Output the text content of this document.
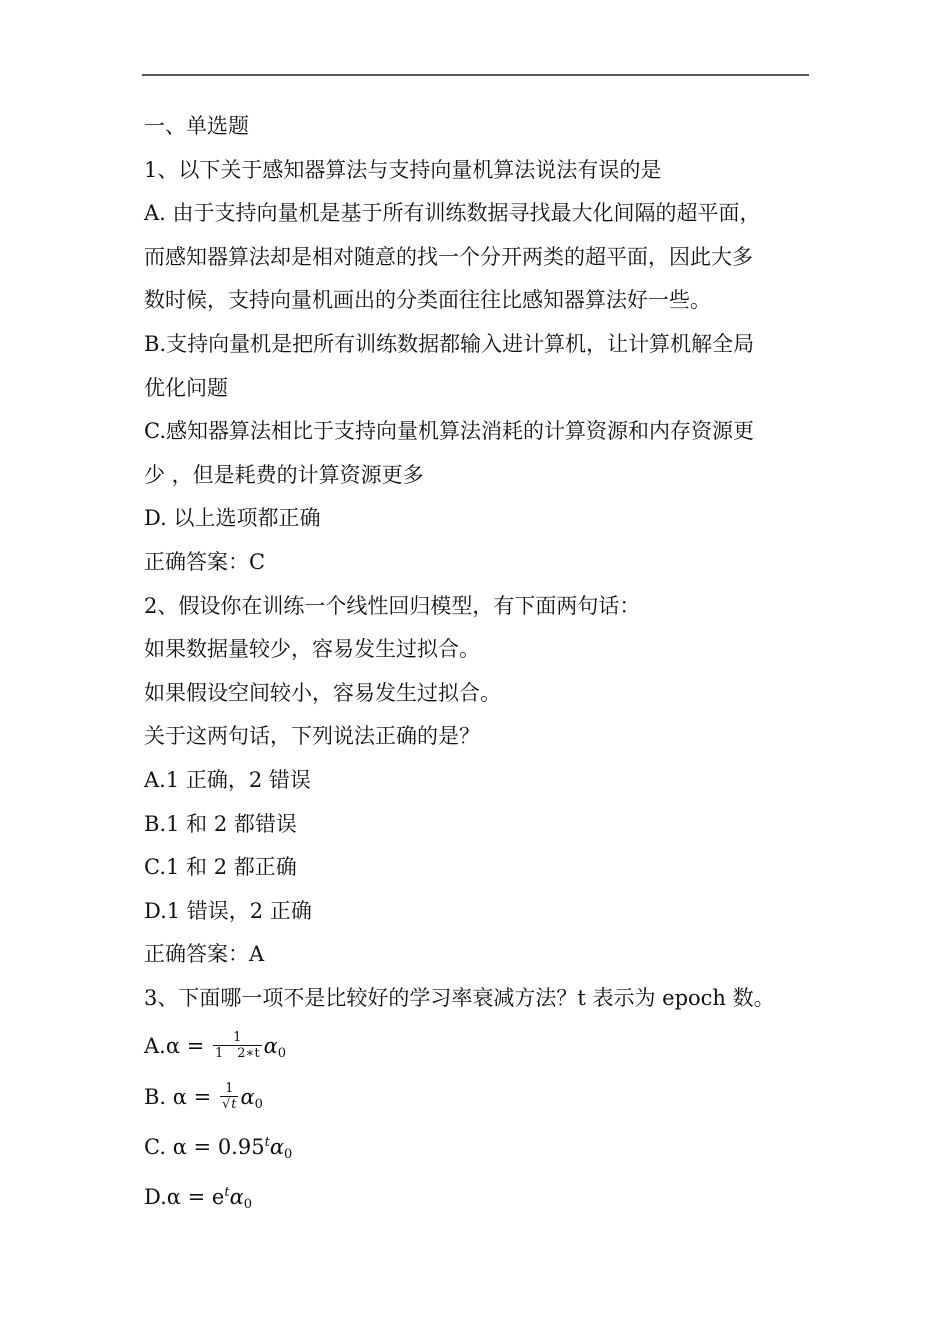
一、单选题
1、以下关于感知器算法与支持向量机算法说法有误的是
A. 由于支持向量机是基于所有训练数据寻找最大化间隔的超平面，
而感知器算法却是相对随意的找一个分开两类的超平面，因此大多
数时候，支持向量机画出的分类面往往比感知器算法好一些。
B.支持向量机是把所有训练数据都输入进计算机，让计算机解全局
优化问题
C.感知器算法相比于支持向量机算法消耗的计算资源和内存资源更
少 ，但是耗费的计算资源更多
D. 以上选项都正确
正确答案：C
2、假设你在训练一个线性回归模型，有下面两句话：
如果数据量较少，容易发生过拟合。
如果假设空间较小，容易发生过拟合。
关于这两句话，下列说法正确的是？
A.1 正确，2 错误
B.1 和 2 都错误
C.1 和 2 都正确
D.1 错误，2 正确
正确答案：A
3、下面哪一项不是比较好的学习率衰减方法？t 表示为 epoch 数。
$A.\alpha = \frac{1}{1 2∗t} \alpha_0$
B. $\alpha = \frac{1}{√t} \alpha_0$
C. $\alpha = 0.95^t\alpha_0$
$D.\alpha = e^t\alpha_0$
